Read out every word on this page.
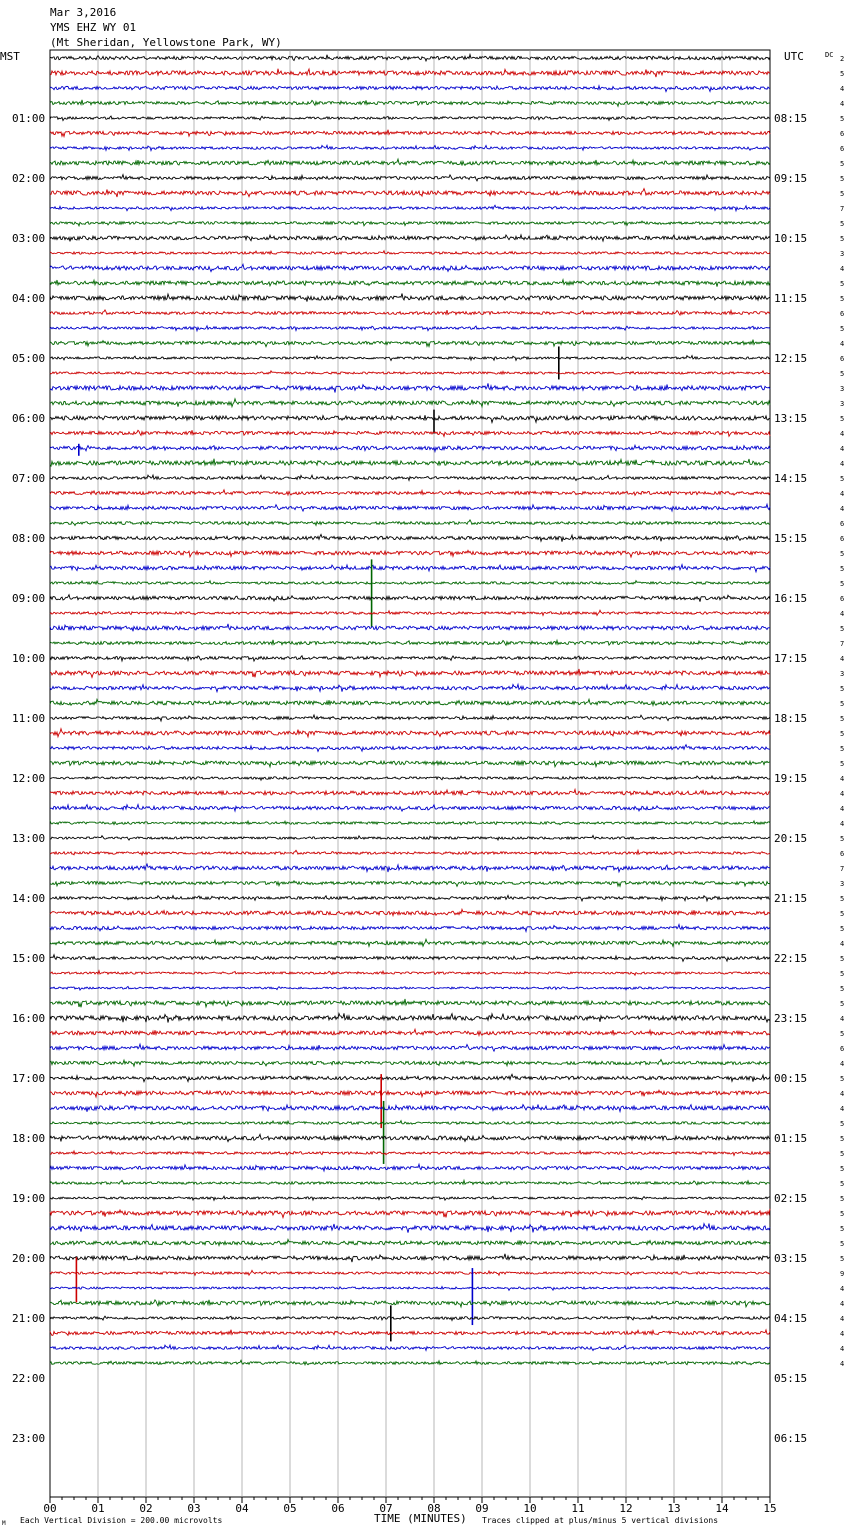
Mar 3,2016
YMS EHZ WY 01
(Mt Sheridan, Yellowstone Park, WY)
MST	UTC	DC 2
5
4
4
5
6
6
5
5
5
7
5
5
3
4
5
5
6
5
4
6
5
3
3
5
4
4
4
5
4
4
6
6
5
5
5
6
4
5
7
4
3
5
5
5
5
5
5
4
4
4
4
5
6
7
3
5
5
5
4
5
5
5
5
4
5
6
4
5
4
4
5
5
5
5
5
5
5
5
5
5
9
4
4
4
4
4
4
01:00
02:00
03:00
04:00
05:00
06:00
07:00
08:00
09:00
10:00
11:00
12:00
13:00
14:00
15:00
16:00
17:00
18:00
19:00
20:00
21:00
22:00
23:00
08:15
09:15
10:15
11:15
12:15
13:15
14:15
15:15
16:15
17:15
18:15
19:15
20:15
21:15
22:15
23:15
00:15
01:15
02:15
03:15
04:15
05:15
06:15
00	01	02	03	04	05	06	07	08	09	10	11	12	13	14	15
M Each Vertical Division = 200.00 microvolts	TIME (MINUTES) Traces clipped at plus/minus 5 vertical divisions
